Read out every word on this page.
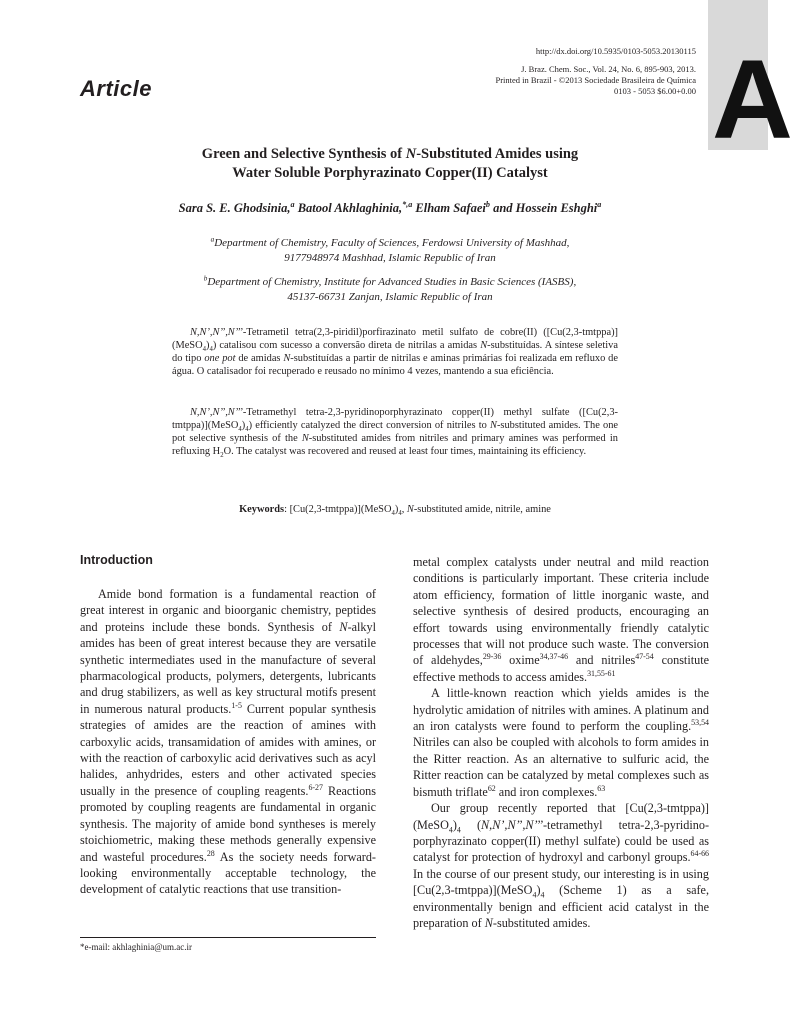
A
http://dx.doi.org/10.5935/0103-5053.20130115
J. Braz. Chem. Soc., Vol. 24, No. 6, 895-903, 2013.
Printed in Brazil - ©2013 Sociedade Brasileira de Química
0103 - 5053 $6.00+0.00
Article
Green and Selective Synthesis of N-Substituted Amides using
Water Soluble Porphyrazinato Copper(II) Catalyst
Sara S. E. Ghodsinia,$^a$ Batool Akhlaghinia,$^{*,a}$ Elham Safaei$^b$ and Hossein Eshghi$^a$
$^a$Department of Chemistry, Faculty of Sciences, Ferdowsi University of Mashhad,
9177948974 Mashhad, Islamic Republic of Iran
$^b$Department of Chemistry, Institute for Advanced Studies in Basic Sciences (IASBS),
45137-66731 Zanjan, Islamic Republic of Iran

N,N’,N’’,N’’’-Tetrametil tetra(2,3-piridil)porfirazinato metil sulfato de cobre(II) $([Cu(2,3-tmtppa)](MeSO_4)_4)$ catalisou com sucesso a conversão direta de nitrilas a amidas N-substituídas. A síntese seletiva do tipo one pot de amidas N-substituídas a partir de nitrilas e aminas primárias foi realizada em refluxo de água. O catalisador foi recuperado e reusado no mínimo 4 vezes, mantendo a sua eficiência.

N,N’,N’’,N’’’-Tetramethyl tetra-2,3-pyridinoporphyrazinato copper(II) methyl sulfate $([Cu(2,3-tmtppa)](MeSO_4)_4)$ efficiently catalyzed the direct conversion of nitriles to N-substituted amides. The one pot selective synthesis of the N-substituted amides from nitriles and primary amines was performed in refluxing $H_2O$. The catalyst was recovered and reused at least four times, maintaining its efficiency.

Keywords: $[Cu(2,3-tmtppa)](MeSO_4)_4$, N-substituted amide, nitrile, amine
Introduction

Amide bond formation is a fundamental reaction of great interest in organic and bioorganic chemistry, peptides and proteins include these bonds. Synthesis of N-alkyl amides has been of great interest because they are versatile synthetic intermediates used in the manufacture of several pharmacological products, polymers, detergents, lubricants and drug stabilizers, as well as key structural motifs present in numerous natural products.$^{1-5}$ Current popular synthesis strategies of amides are the reaction of amines with carboxylic acids, transamidation of amides with amines, or with the reaction of carboxylic acid derivatives such as acyl halides, anhydrides, esters and other activated species usually in the presence of coupling reagents.$^{6-27}$ Reactions promoted by coupling reagents are fundamental in organic synthesis. The majority of amide bond syntheses is merely stoichiometric, making these methods generally expensive and wasteful procedures.$^{28}$ As the society needs forward-looking environmentally acceptable technology, the development of catalytic reactions that use transition-

metal complex catalysts under neutral and mild reaction conditions is particularly important. These criteria include atom efficiency, formation of little inorganic waste, and selective synthesis of desired products, encouraging an effort towards using environmentally friendly catalytic processes that will not produce such waste. The conversion of aldehydes,$^{29-36}$ oxime$^{34,37-46}$ and nitriles$^{47-54}$ constitute effective methods to access amides.$^{31,55-61}$

A little-known reaction which yields amides is the hydrolytic amidation of nitriles with amines. A platinum and an iron catalysts were found to perform the coupling.$^{53,54}$ Nitriles can also be coupled with alcohols to form amides in the Ritter reaction. As an alternative to sulfuric acid, the Ritter reaction can be catalyzed by metal complexes such as bismuth triflate$^{62}$ and iron complexes.$^{63}$

Our group recently reported that $[Cu(2,3-tmtppa)](MeSO_4)_4$ (N,N’,N’’,N’’’-tetramethyl tetra-2,3-pyridino-porphyrazinato copper(II) methyl sulfate) could be used as catalyst for protection of hydroxyl and carbonyl groups.$^{64-66}$ In the course of our present study, our interesting is in using $[Cu(2,3-tmtppa)](MeSO_4)_4$ (Scheme 1) as a safe, environmentally benign and efficient acid catalyst in the preparation of N-substituted amides.

*e-mail: akhlaghinia@um.ac.ir
